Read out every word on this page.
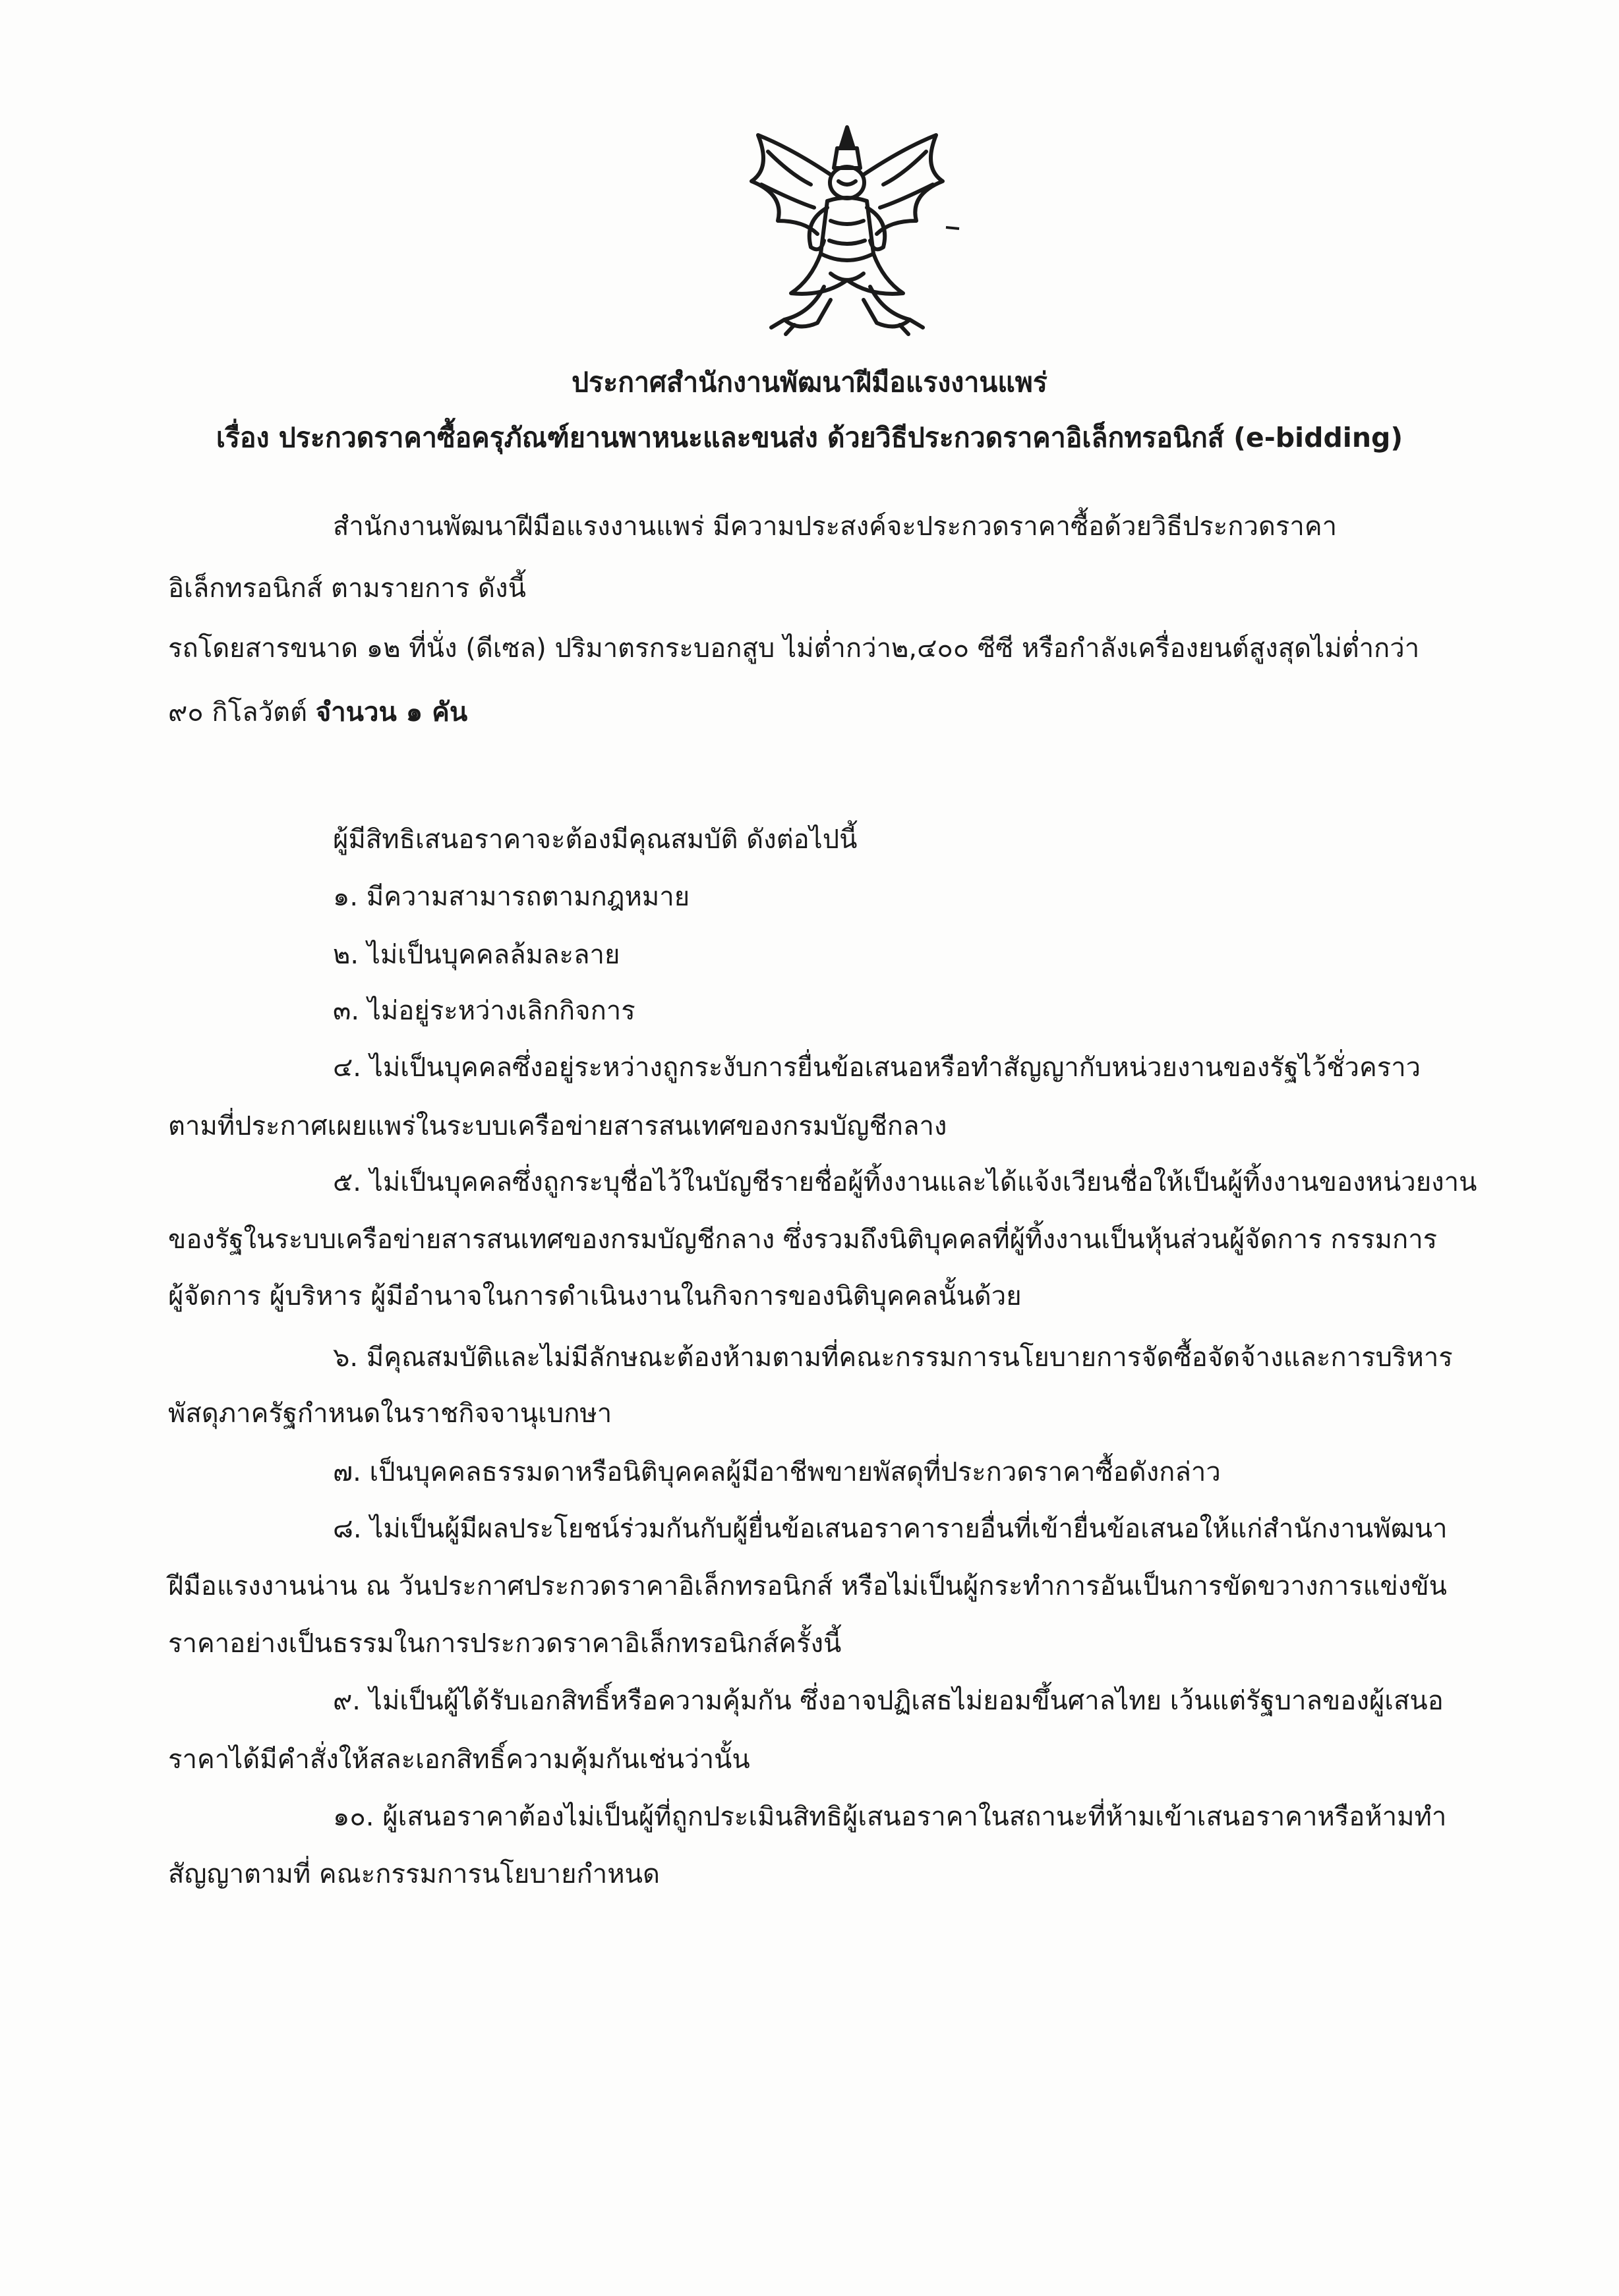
ประกาศสำนักงานพัฒนาฝีมือแรงงานแพร่
เรื่อง ประกวดราคาซื้อครุภัณฑ์ยานพาหนะและขนส่ง ด้วยวิธีประกวดราคาอิเล็กทรอนิกส์ (e-bidding)
สำนักงานพัฒนาฝีมือแรงงานแพร่ มีความประสงค์จะประกวดราคาซื้อด้วยวิธีประกวดราคา
อิเล็กทรอนิกส์ ตามรายการ ดังนี้
รถโดยสารขนาด ๑๒ ที่นั่ง (ดีเซล) ปริมาตรกระบอกสูบ ไม่ต่ำกว่า๒,๔๐๐ ซีซี หรือกำลังเครื่องยนต์สูงสุดไม่ต่ำกว่า
๙๐ กิโลวัตต์ จำนวน ๑ คัน
ผู้มีสิทธิเสนอราคาจะต้องมีคุณสมบัติ ดังต่อไปนี้
๑. มีความสามารถตามกฎหมาย
๒. ไม่เป็นบุคคลล้มละลาย
๓. ไม่อยู่ระหว่างเลิกกิจการ
๔. ไม่เป็นบุคคลซึ่งอยู่ระหว่างถูกระงับการยื่นข้อเสนอหรือทำสัญญากับหน่วยงานของรัฐไว้ชั่วคราว
ตามที่ประกาศเผยแพร่ในระบบเครือข่ายสารสนเทศของกรมบัญชีกลาง
๕. ไม่เป็นบุคคลซึ่งถูกระบุชื่อไว้ในบัญชีรายชื่อผู้ทิ้งงานและได้แจ้งเวียนชื่อให้เป็นผู้ทิ้งงานของหน่วยงาน
ของรัฐในระบบเครือข่ายสารสนเทศของกรมบัญชีกลาง ซึ่งรวมถึงนิติบุคคลที่ผู้ทิ้งงานเป็นหุ้นส่วนผู้จัดการ กรรมการ
ผู้จัดการ ผู้บริหาร ผู้มีอำนาจในการดำเนินงานในกิจการของนิติบุคคลนั้นด้วย
๖. มีคุณสมบัติและไม่มีลักษณะต้องห้ามตามที่คณะกรรมการนโยบายการจัดซื้อจัดจ้างและการบริหาร
พัสดุภาครัฐกำหนดในราชกิจจานุเบกษา
๗. เป็นบุคคลธรรมดาหรือนิติบุคคลผู้มีอาชีพขายพัสดุที่ประกวดราคาซื้อดังกล่าว
๘. ไม่เป็นผู้มีผลประโยชน์ร่วมกันกับผู้ยื่นข้อเสนอราคารายอื่นที่เข้ายื่นข้อเสนอให้แก่สำนักงานพัฒนา
ฝีมือแรงงานน่าน ณ วันประกาศประกวดราคาอิเล็กทรอนิกส์ หรือไม่เป็นผู้กระทำการอันเป็นการขัดขวางการแข่งขัน
ราคาอย่างเป็นธรรมในการประกวดราคาอิเล็กทรอนิกส์ครั้งนี้
๙. ไม่เป็นผู้ได้รับเอกสิทธิ์หรือความคุ้มกัน ซึ่งอาจปฏิเสธไม่ยอมขึ้นศาลไทย เว้นแต่รัฐบาลของผู้เสนอ
ราคาได้มีคำสั่งให้สละเอกสิทธิ์ความคุ้มกันเช่นว่านั้น
๑๐. ผู้เสนอราคาต้องไม่เป็นผู้ที่ถูกประเมินสิทธิผู้เสนอราคาในสถานะที่ห้ามเข้าเสนอราคาหรือห้ามทำ
สัญญาตามที่ คณะกรรมการนโยบายกำหนด
